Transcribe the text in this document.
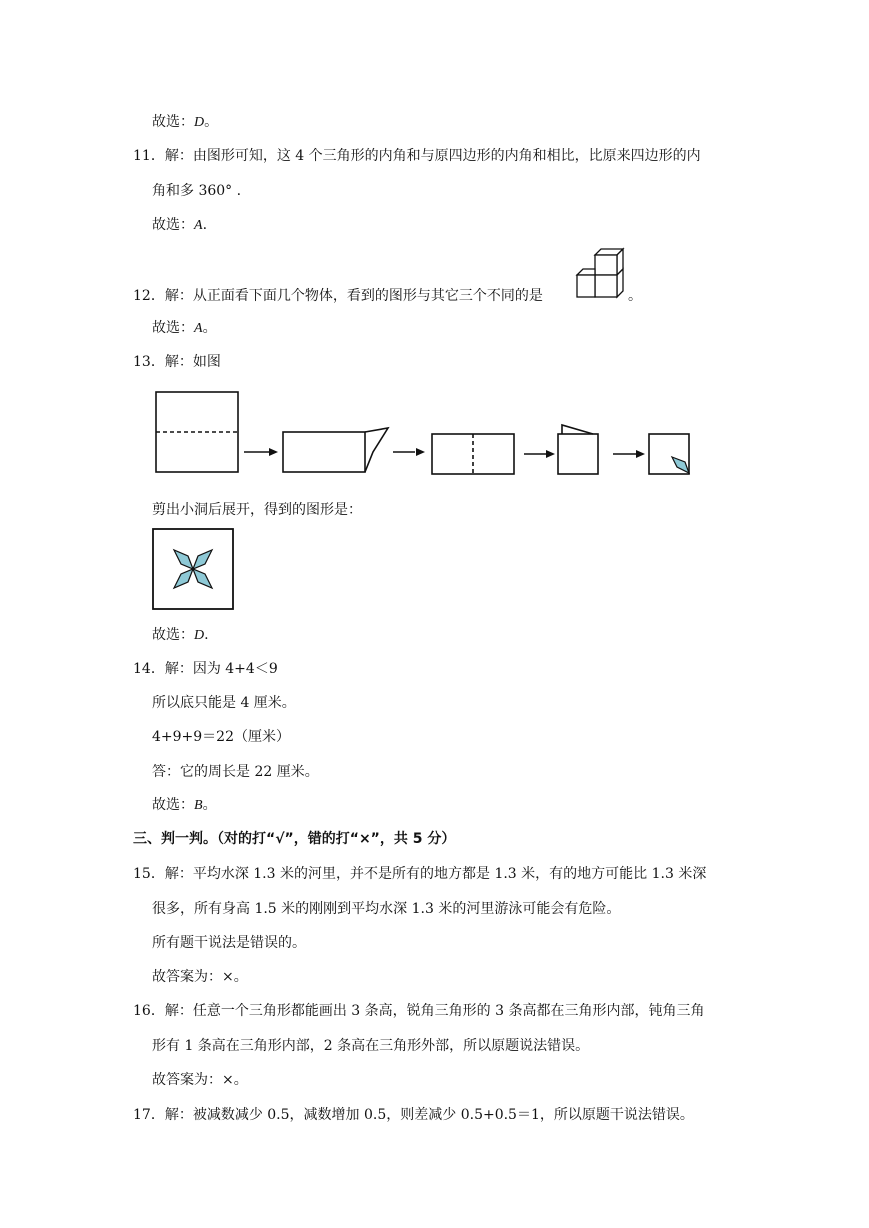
故选：D。
11．解：由图形可知，这 4 个三角形的内角和与原四边形的内角和相比，比原来四边形的内
角和多 360° .
故选：A.
12．解：从正面看下面几个物体，看到的图形与其它三个不同的是	。
故选：A。
13．解：如图
剪出小洞后展开，得到的图形是：
故选：D.
14．解：因为 4+4＜9
所以底只能是 4 厘米。
4+9+9＝22（厘米）
答：它的周长是 22 厘米。
故选：B。
三、判一判。（对的打“√”，错的打“×”，共 5 分）
15．解：平均水深 1.3 米的河里，并不是所有的地方都是 1.3 米，有的地方可能比 1.3 米深
很多，所有身高 1.5 米的刚刚到平均水深 1.3 米的河里游泳可能会有危险。
所有题干说法是错误的。
故答案为：×。
16．解：任意一个三角形都能画出 3 条高，锐角三角形的 3 条高都在三角形内部，钝角三角
形有 1 条高在三角形内部，2 条高在三角形外部，所以原题说法错误。
故答案为：×。
17．解：被减数减少 0.5，减数增加 0.5，则差减少 0.5+0.5＝1，所以原题干说法错误。
